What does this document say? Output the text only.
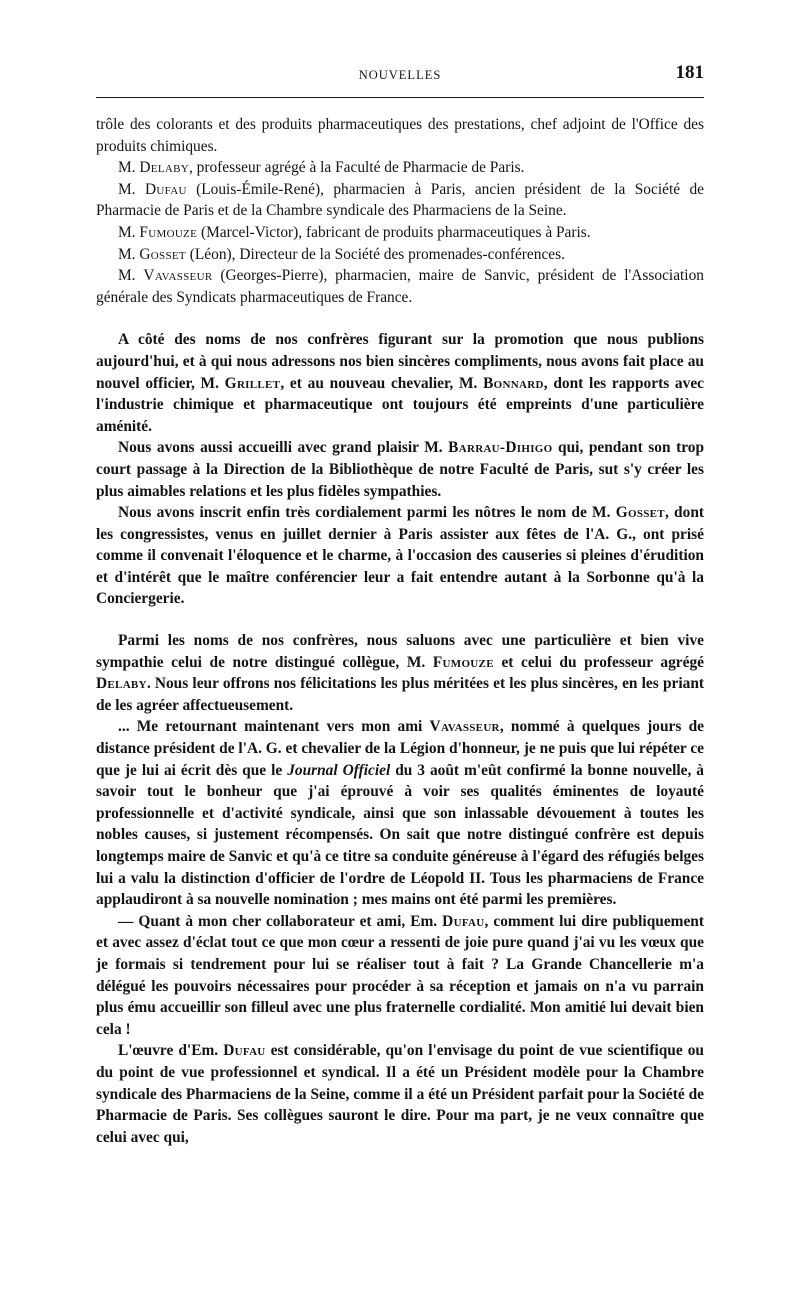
NOUVELLES	181

trôle des colorants et des produits pharmaceutiques des prestations, chef adjoint de l'Office des produits chimiques.

M. Delaby, professeur agrégé à la Faculté de Pharmacie de Paris.

M. Dufau (Louis-Émile-René), pharmacien à Paris, ancien président de la Société de Pharmacie de Paris et de la Chambre syndicale des Pharmaciens de la Seine.

M. Fumouze (Marcel-Victor), fabricant de produits pharmaceutiques à Paris.

M. Gosset (Léon), Directeur de la Société des promenades-conférences.

M. Vavasseur (Georges-Pierre), pharmacien, maire de Sanvic, président de l'Association générale des Syndicats pharmaceutiques de France.

A côté des noms de nos confrères figurant sur la promotion que nous publions aujourd'hui, et à qui nous adressons nos bien sincères compliments, nous avons fait place au nouvel officier, M. Grillet, et au nouveau chevalier, M. Bonnard, dont les rapports avec l'industrie chimique et pharmaceutique ont toujours été empreints d'une particulière aménité.

Nous avons aussi accueilli avec grand plaisir M. Barrau-Dihigo qui, pendant son trop court passage à la Direction de la Bibliothèque de notre Faculté de Paris, sut s'y créer les plus aimables relations et les plus fidèles sympathies.

Nous avons inscrit enfin très cordialement parmi les nôtres le nom de M. Gosset, dont les congressistes, venus en juillet dernier à Paris assister aux fêtes de l'A. G., ont prisé comme il convenait l'éloquence et le charme, à l'occasion des causeries si pleines d'érudition et d'intérêt que le maître conférencier leur a fait entendre autant à la Sorbonne qu'à la Conciergerie.

Parmi les noms de nos confrères, nous saluons avec une particulière et bien vive sympathie celui de notre distingué collègue, M. Fumouze et celui du professeur agrégé Delaby. Nous leur offrons nos félicitations les plus méritées et les plus sincères, en les priant de les agréer affectueusement.

... Me retournant maintenant vers mon ami Vavasseur, nommé à quelques jours de distance président de l'A. G. et chevalier de la Légion d'honneur, je ne puis que lui répéter ce que je lui ai écrit dès que le Journal Officiel du 3 août m'eût confirmé la bonne nouvelle, à savoir tout le bonheur que j'ai éprouvé à voir ses qualités éminentes de loyauté professionnelle et d'activité syndicale, ainsi que son inlassable dévouement à toutes les nobles causes, si justement récompensés. On sait que notre distingué confrère est depuis longtemps maire de Sanvic et qu'à ce titre sa conduite généreuse à l'égard des réfugiés belges lui a valu la distinction d'officier de l'ordre de Léopold II. Tous les pharmaciens de France applaudiront à sa nouvelle nomination ; mes mains ont été parmi les premières.

— Quant à mon cher collaborateur et ami, Em. Dufau, comment lui dire publiquement et avec assez d'éclat tout ce que mon cœur a ressenti de joie pure quand j'ai vu les vœux que je formais si tendrement pour lui se réaliser tout à fait ? La Grande Chancellerie m'a délégué les pouvoirs nécessaires pour procéder à sa réception et jamais on n'a vu parrain plus ému accueillir son filleul avec une plus fraternelle cordialité. Mon amitié lui devait bien cela !

L'œuvre d'Em. Dufau est considérable, qu'on l'envisage du point de vue scientifique ou du point de vue professionnel et syndical. Il a été un Président modèle pour la Chambre syndicale des Pharmaciens de la Seine, comme il a été un Président parfait pour la Société de Pharmacie de Paris. Ses collègues sauront le dire. Pour ma part, je ne veux connaître que celui avec qui,
